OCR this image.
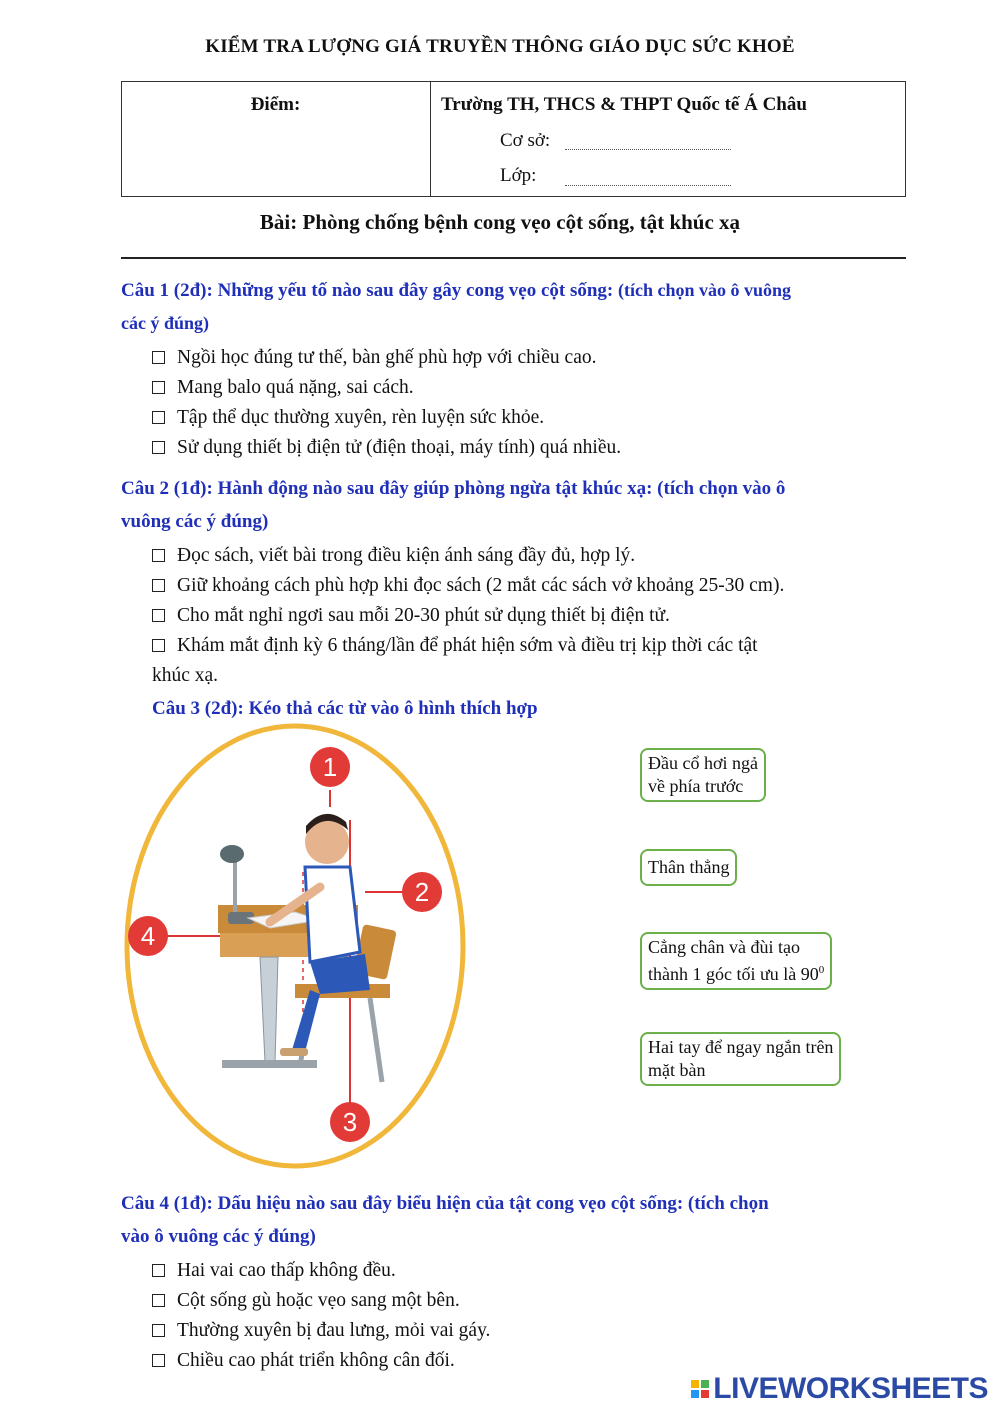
KIỂM TRA LƯỢNG GIÁ TRUYỀN THÔNG GIÁO DỤC SỨC KHOẺ
Điểm:	Trường TH, THCS & THPT Quốc tế Á Châu
Cơ sở:
Lớp:
Bài: Phòng chống bệnh cong vẹo cột sống, tật khúc xạ
Câu 1 (2đ): Những yếu tố nào sau đây gây cong vẹo cột sống: (tích chọn vào ô vuông
các ý đúng)
Ngồi học đúng tư thế, bàn ghế phù hợp với chiều cao.
Mang balo quá nặng, sai cách.
Tập thể dục thường xuyên, rèn luyện sức khỏe.
Sử dụng thiết bị điện tử (điện thoại, máy tính) quá nhiều.
Câu 2 (1đ): Hành động nào sau đây giúp phòng ngừa tật khúc xạ: (tích chọn vào ô
vuông các ý đúng)
Đọc sách, viết bài trong điều kiện ánh sáng đầy đủ, hợp lý.
Giữ khoảng cách phù hợp khi đọc sách (2 mắt các sách vở khoảng 25-30 cm).
Cho mắt nghỉ ngơi sau mỗi 20-30 phút sử dụng thiết bị điện tử.
Khám mắt định kỳ 6 tháng/lần để phát hiện sớm và điều trị kịp thời các tật
khúc xạ.
Câu 3 (2đ): Kéo thả các từ vào ô hình thích hợp
1
2
3
4
Đầu cổ hơi ngả
về phía trước
Thân thẳng
Cẳng chân và đùi tạo
thành 1 góc tối ưu là $90^0$
Hai tay để ngay ngắn trên
mặt bàn
Câu 4 (1đ): Dấu hiệu nào sau đây biểu hiện của tật cong vẹo cột sống: (tích chọn
vào ô vuông các ý đúng)
Hai vai cao thấp không đều.
Cột sống gù hoặc vẹo sang một bên.
Thường xuyên bị đau lưng, mỏi vai gáy.
Chiều cao phát triển không cân đối.
LIVEWORKSHEETS
